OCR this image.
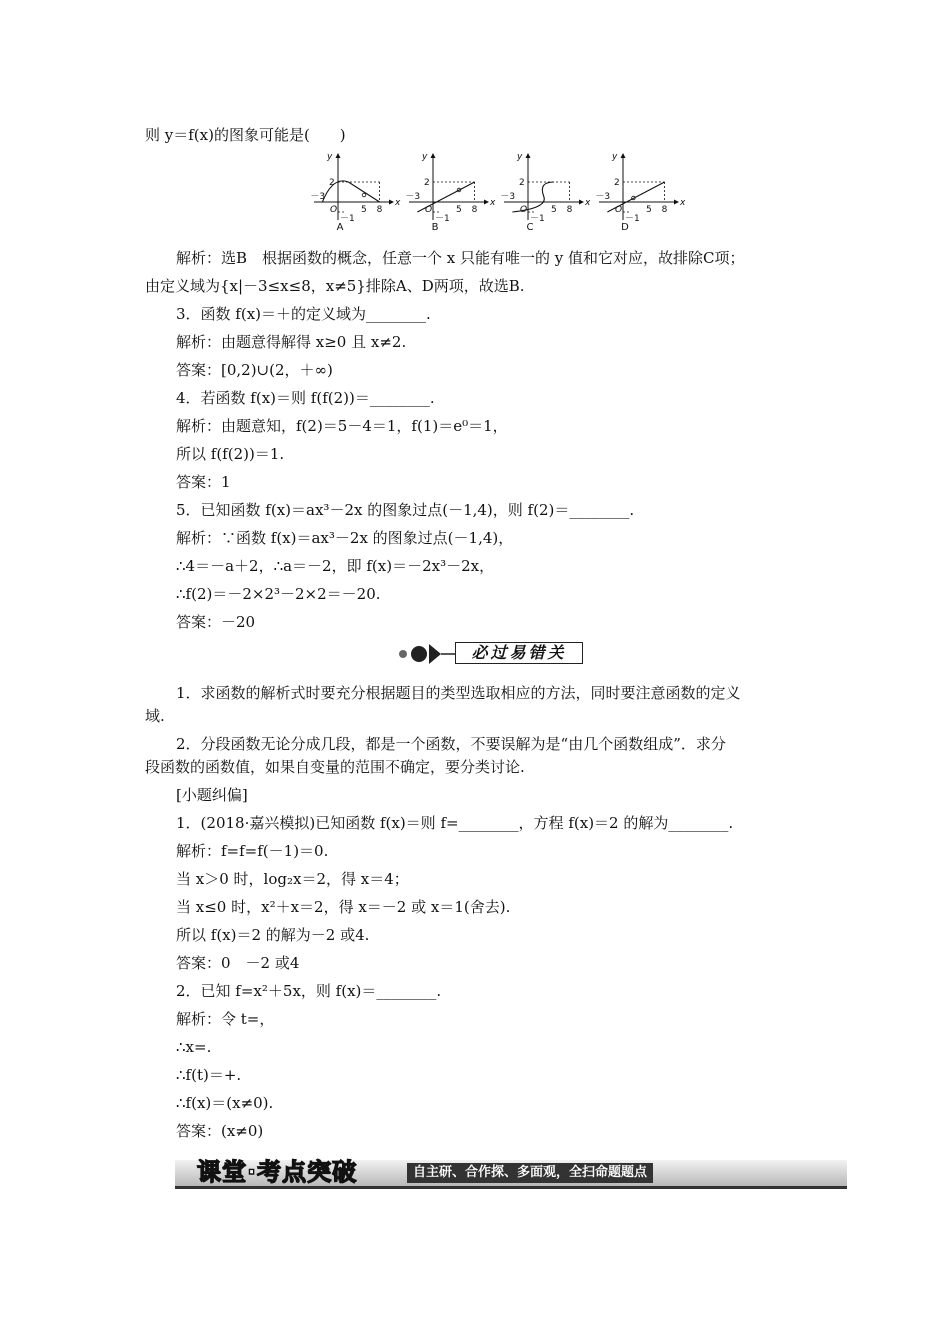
则 y＝f(x)的图象可能是(　　)
y
x
O
2
－3
－1
5 8
A
y
x
O
2
－3
－1
5 8
B
y
x
O
2
－3
－1
5 8
C
y
x
O
2
－3
－1
5 8
D
解析：选B　根据函数的概念，任意一个 x 只能有唯一的 y 值和它对应，故排除C项；
由定义域为{x|－3≤x≤8，x≠5}排除A、D两项，故选B.
3．函数 f(x)＝＋的定义域为________.
解析：由题意得解得 x≥0 且 x≠2.
答案：[0,2)∪(2，＋∞)
4．若函数 f(x)＝则 f(f(2))＝________.
解析：由题意知，f(2)＝5－4＝1，f(1)＝e⁰＝1，
所以 f(f(2))＝1.
答案：1
5．已知函数 f(x)＝ax³－2x 的图象过点(－1,4)，则 f(2)＝________.
解析：∵函数 f(x)＝ax³－2x 的图象过点(－1,4)，
∴4＝－a＋2，∴a＝－2，即 f(x)＝－2x³－2x，
∴f(2)＝－2×2³－2×2＝－20.
答案：－20
必过易错关
1．求函数的解析式时要充分根据题目的类型选取相应的方法，同时要注意函数的定义
域.
2．分段函数无论分成几段，都是一个函数，不要误解为是“由几个函数组成”．求分
段函数的函数值，如果自变量的范围不确定，要分类讨论.
[小题纠偏]
1．(2018·嘉兴模拟)已知函数 f(x)＝则 f=________，方程 f(x)＝2 的解为________.
解析：f=f=f(－1)＝0.
当 x＞0 时，log₂x＝2，得 x＝4；
当 x≤0 时，x²＋x＝2，得 x＝－2 或 x＝1(舍去).
所以 f(x)＝2 的解为－2 或4.
答案：0　－2 或4
2．已知 f=x²＋5x，则 f(x)＝________.
解析：令 t=，
∴x=.
∴f(t)＝+.
∴f(x)＝(x≠0).
答案：(x≠0)
课堂·考点突破	自主研、合作探、多面观，全扫命题题点
